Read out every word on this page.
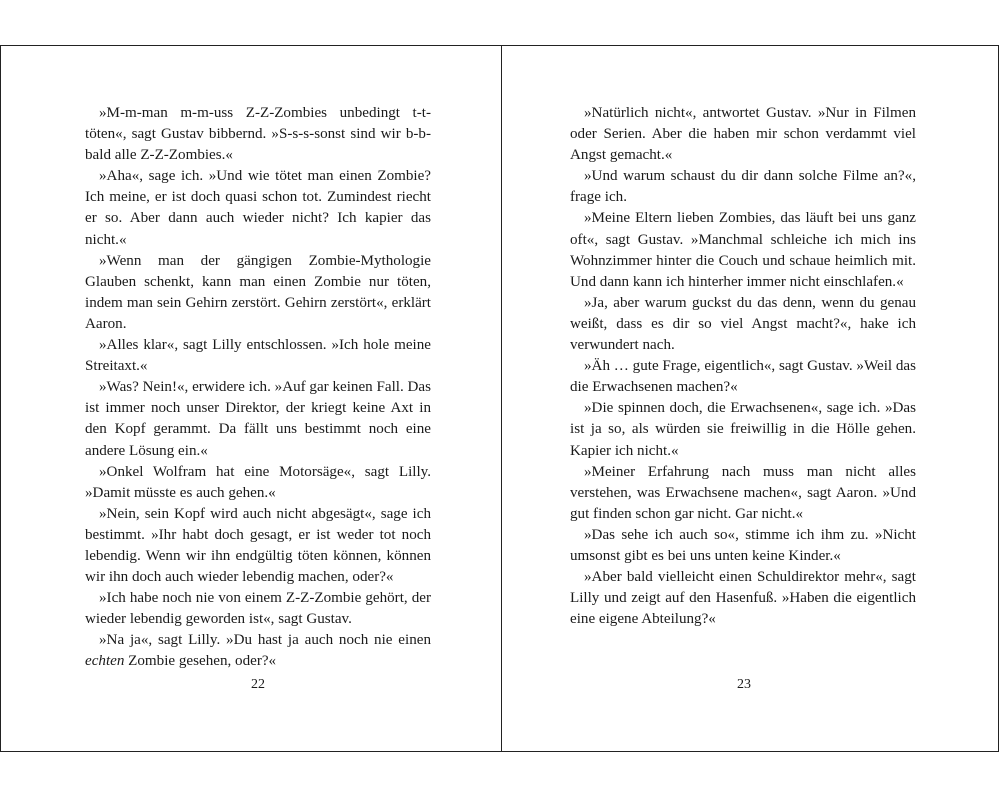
»M-m-man m-m-uss Z-Z-Zombies unbedingt t-t-töten«, sagt Gustav bibbernd. »S-s-s-sonst sind wir b-b-bald alle Z-Z-Zombies.«

»Aha«, sage ich. »Und wie tötet man einen Zombie? Ich meine, er ist doch quasi schon tot. Zumindest riecht er so. Aber dann auch wieder nicht? Ich kapier das nicht.«

»Wenn man der gängigen Zombie-Mythologie Glauben schenkt, kann man einen Zombie nur töten, indem man sein Gehirn zerstört. Gehirn zerstört«, erklärt Aaron.

»Alles klar«, sagt Lilly entschlossen. »Ich hole meine Streitaxt.«

»Was? Nein!«, erwidere ich. »Auf gar keinen Fall. Das ist immer noch unser Direktor, der kriegt keine Axt in den Kopf gerammt. Da fällt uns bestimmt noch eine andere Lösung ein.«

»Onkel Wolfram hat eine Motorsäge«, sagt Lilly. »Damit müsste es auch gehen.«

»Nein, sein Kopf wird auch nicht abgesägt«, sage ich bestimmt. »Ihr habt doch gesagt, er ist weder tot noch lebendig. Wenn wir ihn endgültig töten können, können wir ihn doch auch wieder lebendig machen, oder?«

»Ich habe noch nie von einem Z-Z-Zombie gehört, der wieder lebendig geworden ist«, sagt Gustav.

»Na ja«, sagt Lilly. »Du hast ja auch noch nie einen echten Zombie gesehen, oder?«

22

»Natürlich nicht«, antwortet Gustav. »Nur in Filmen oder Serien. Aber die haben mir schon verdammt viel Angst gemacht.«

»Und warum schaust du dir dann solche Filme an?«, frage ich.

»Meine Eltern lieben Zombies, das läuft bei uns ganz oft«, sagt Gustav. »Manchmal schleiche ich mich ins Wohnzimmer hinter die Couch und schaue heimlich mit. Und dann kann ich hinterher immer nicht einschlafen.«

»Ja, aber warum guckst du das denn, wenn du genau weißt, dass es dir so viel Angst macht?«, hake ich verwundert nach.

»Äh … gute Frage, eigentlich«, sagt Gustav. »Weil das die Erwachsenen machen?«

»Die spinnen doch, die Erwachsenen«, sage ich. »Das ist ja so, als würden sie freiwillig in die Hölle gehen. Kapier ich nicht.«

»Meiner Erfahrung nach muss man nicht alles verstehen, was Erwachsene machen«, sagt Aaron. »Und gut finden schon gar nicht. Gar nicht.«

»Das sehe ich auch so«, stimme ich ihm zu. »Nicht umsonst gibt es bei uns unten keine Kinder.«

»Aber bald vielleicht einen Schuldirektor mehr«, sagt Lilly und zeigt auf den Hasenfuß. »Haben die eigentlich eine eigene Abteilung?«

23
